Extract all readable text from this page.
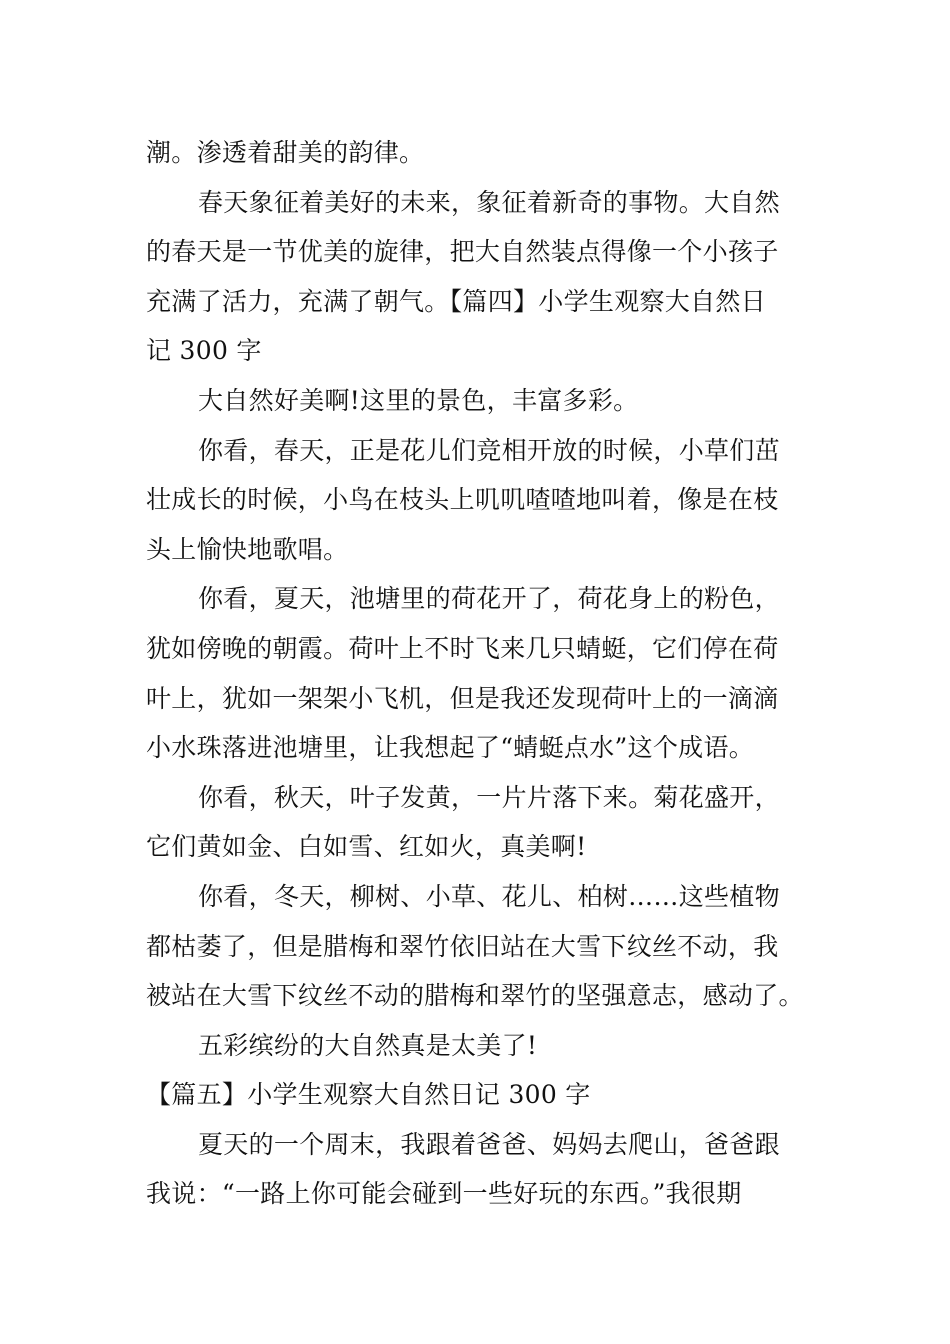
潮。渗透着甜美的韵律。
春天象征着美好的未来，象征着新奇的事物。大自然
的春天是一节优美的旋律，把大自然装点得像一个小孩子
充满了活力，充满了朝气。【篇四】小学生观察大自然日
记 300 字
大自然好美啊!这里的景色，丰富多彩。
你看，春天，正是花儿们竞相开放的时候，小草们茁
壮成长的时候，小鸟在枝头上叽叽喳喳地叫着，像是在枝
头上愉快地歌唱。
你看，夏天，池塘里的荷花开了，荷花身上的粉色，
犹如傍晚的朝霞。荷叶上不时飞来几只蜻蜓，它们停在荷
叶上，犹如一架架小飞机，但是我还发现荷叶上的一滴滴
小水珠落进池塘里，让我想起了“蜻蜓点水”这个成语。
你看，秋天，叶子发黄，一片片落下来。菊花盛开，
它们黄如金、白如雪、红如火，真美啊!
你看，冬天，柳树、小草、花儿、柏树……这些植物
都枯萎了，但是腊梅和翠竹依旧站在大雪下纹丝不动，我
被站在大雪下纹丝不动的腊梅和翠竹的坚强意志，感动了。
五彩缤纷的大自然真是太美了!
【篇五】小学生观察大自然日记 300 字
夏天的一个周末，我跟着爸爸、妈妈去爬山，爸爸跟
我说：“一路上你可能会碰到一些好玩的东西。”我很期
